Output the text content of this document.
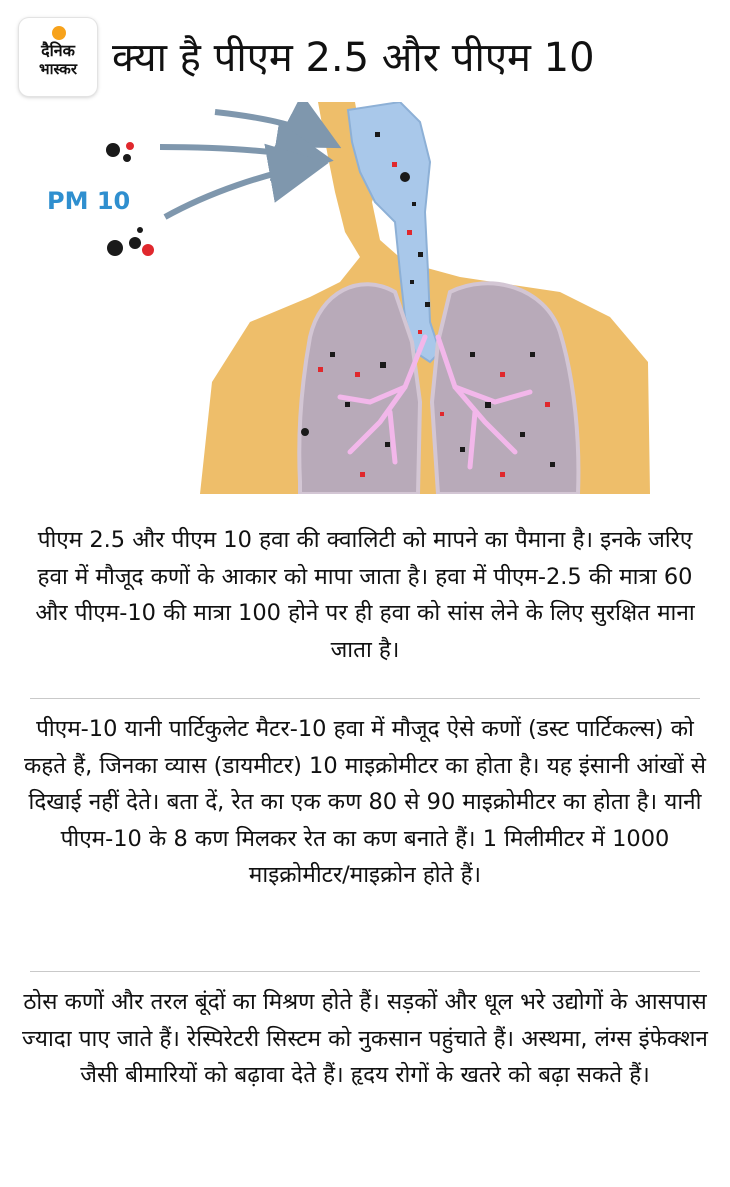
दैनिक
भास्कर क्या है पीएम 2.5 और पीएम 10
PM 10
पीएम 2.5 और पीएम 10 हवा की क्वालिटी को मापने का पैमाना है। इनके जरिए हवा में मौजूद कणों के आकार को मापा जाता है। हवा में पीएम-2.5 की मात्रा 60 और पीएम-10 की मात्रा 100 होने पर ही हवा को सांस लेने के लिए सुरक्षित माना जाता है।
पीएम-10 यानी पार्टिकुलेट मैटर-10 हवा में मौजूद ऐसे कणों (डस्ट पार्टिकल्स) को कहते हैं, जिनका व्यास (डायमीटर) 10 माइक्रोमीटर का होता है। यह इंसानी आंखों से दिखाई नहीं देते। बता दें, रेत का एक कण 80 से 90 माइक्रोमीटर का होता है। यानी पीएम-10 के 8 कण मिलकर रेत का कण बनाते हैं। 1 मिलीमीटर में 1000 माइक्रोमीटर/माइक्रोन होते हैं।
ठोस कणों और तरल बूंदों का मिश्रण होते हैं। सड़कों और धूल भरे उद्योगों के आसपास ज्यादा पाए जाते हैं। रेस्पिरेटरी सिस्टम को नुकसान पहुंचाते हैं। अस्थमा, लंग्स इंफेक्शन जैसी बीमारियों को बढ़ावा देते हैं। हृदय रोगों के खतरे को बढ़ा सकते हैं।
